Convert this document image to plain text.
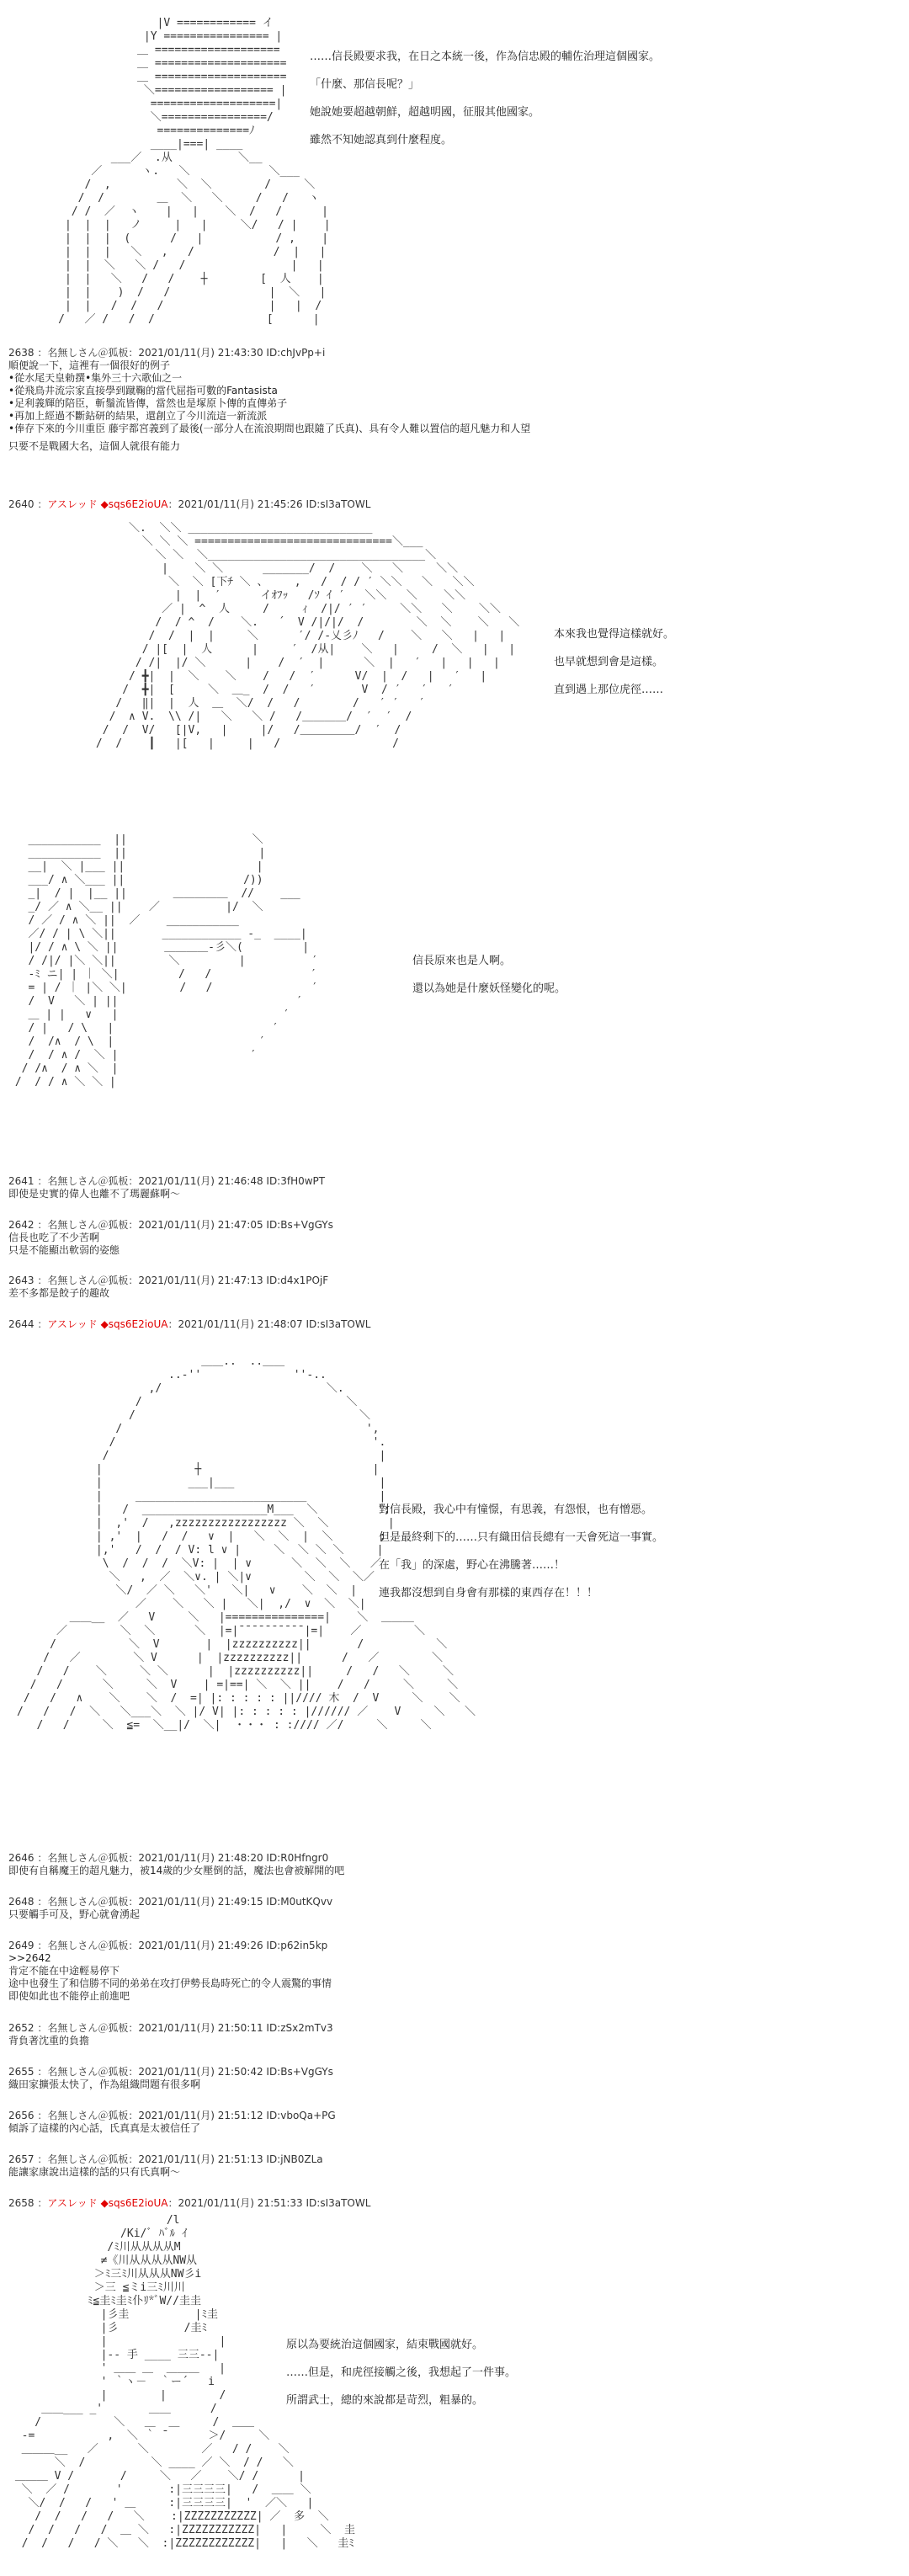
|V ============ イ
|Y ================ |
＿ ===================
＿ ====================
＿ ====================
＼================== |
===================|
＼================/
==============ﾉ
____|===| ____
___／  .从          ＼__
／      ヽ.   ＼            ＼___
/  ,          ＼  ＼        /     ＼
/  /        ＿  ＼   ＼     /   /   ヽ
/ /  ／  ヽ    |   |    ＼  /   /      |
|  |  |   ノ     |   |     ＼/   / |    |
|  |  |  (      /   |           / ,    |
|  |  |   ＼   ,   /            /  |   |
|  |  ＼   ＼ /   /                |   |
|  |   ＼   /   /    ┼        [  人    |
|  |    )  /   /               |  ＼   |
|  |   /  /   /                |   |  /
/   ／ /   /  /                 [      |

……信長殿要求我，在日之本統一後，作為信忠殿的輔佐治理這個國家。

「什麼、那信長呢？」

她說她要超越朝鮮，超越明國，征服其他國家。

雖然不知她認真到什麼程度。

2638 ：名無しさん＠狐板：2021/01/11(月) 21:43:30 ID:chJvPp+i
順便說一下，這裡有一個很好的例子
•從水尾天皇勅撰•集外三十六歌仙之一
•從飛鳥井流宗家直接學到蹴鞠的當代屈指可數的Fantasista
•足利義輝的陪臣，斬鬚流皆傳，當然也是塚原卜傳的直傳弟子
•再加上經過不斷鉆研的結果，還創立了今川流這一新流派
•俸存下來的今川重臣 藤宇都宮義到了最後(一部分人在流浪期間也跟隨了氏真)、具有令人難以置信的超凡魅力和人望
只要不是戰國大名，這個人就很有能力
2640 ：アスレッド ◆sqs6E2ioUA：2021/01/11(月) 21:45:26 ID:sI3aTOWL
＼.  ＼＼ ____________________________
＼ ＼ ＼ ==============================＼___
＼ ＼  ＼_________________________________＼
|    ＼ ＼      _______/  /    ＼   ＼     ＼＼
＼  ＼ [下ﾁ ＼ 、    ,   /  / / ′ ＼＼   ＼   ＼＼
|  |  ′      イｵﾌｯ   /ｿ ｲ ′   ＼＼   ＼    ＼＼
／ |  ^  人     /     ｨ  /|/ ′ ′     ＼＼   ＼    ＼＼
/  / ^  /    ＼.   ´  V /|/|/  /        ＼  ＼    ＼   ＼
/  /  |  |     ＼      ′/ /-乂彡ﾉ   /    ＼   ＼   |   |
/ |[  |  人      |     ′  /从|    ＼   |     /  ＼   |   |
/ /|  |/ ＼      |    /  ′  |      ＼  |   ′   |   |   |
/ ╋|  |  ＼    ＼    /   /  ′      V/  |  /   |   ′   |
/  ╋|  [     ＼  ＿_  /  /   ′       V  / ′   ′   ′
/   ‖|  |  人  ＿  ＼/  /   /        /   ′ ′   ′
/  ∧ V.  \\ /|   ＼   ＼ /   /＿＿＿＿/  ′  ′  /
/  /  V/   [|V,   |     |/   /＿＿＿＿＿/  ′  /
/  /    ┃   |[   |     |   /                 /

本來我也覺得這樣就好。

也早就想到會是這樣。

直到遇上那位虎徑……

___________  ||                   ＼
___________  ||                    |
__|  ＼ |___ ||                    |
___/ ∧ ＼___ ||                  /))
_|  / |  |__ ||       ＿＿＿＿＿  //    ___
_/ ／ ∧ ＼__ ||    ／          |/  ＼
/ ／ / ∧ ＼ ||  ／    ___________
／/ / | \ ＼||       ____________ ‐_  ____|
|/ / ∧ \ ＼ ||       ＿＿＿＿-彡＼(         |
/ /|/ |＼ ＼||        ＼         |          ′
-ﾐ ニ| | ｜ ＼|         /   /               ′
= | / ｜ |＼ ＼|        /   /               ′
/  V   ＼ | ||                           ′
＿ | |   ∨   |                         ′
/ |   / \   |                        ′
/  /∧  / \  |                      ′
/  / ∧ /  ＼ |                    ′
/ /∧  / ∧ ＼  |
/  / / ∧ ＼ ＼ |

信長原來也是人啊。

還以為她是什麼妖怪變化的呢。

2641 ：名無しさん＠狐板：2021/01/11(月) 21:46:48 ID:3fH0wPT
即使是史實的偉人也離不了瑪麗蘇啊～
2642 ：名無しさん＠狐板：2021/01/11(月) 21:47:05 ID:Bs+VgGYs
信長也吃了不少苦啊
只是不能顯出軟弱的姿態
2643 ：名無しさん＠狐板：2021/01/11(月) 21:47:13 ID:d4x1POjF
差不多都是餃子的趣故
2644 ：アスレッド ◆sqs6E2ioUA：2021/01/11(月) 21:48:07 ID:sI3aTOWL
＿＿..  ..＿＿
..‐''              ''‐..
,/                         ＼.
/                               ＼
/                                  ＼
/                                     ',
/                                       '.
/                                         |
|              ┼                          |
|             ___|___                      |
|     __________________________           |
|   /  ___________________M___  ＼         ';
|  ,'  /   ,zzzzzzzzzzzzzzzzz ＼  ＼         |
| ,'  |   /  /   ∨  |   ＼  ＼  |  ＼       ;
|,'   /  /  / V: l ∨ |     ＼  ＼ ＼ ＼     |
\  /  /  /  ＼V: |  | ∨      ＼  ＼  ＼   ／
＼   ,  ／  ＼∨. | ＼|∨        ＼  ＼  ＼／
＼/  ／ ＼   ＼'   ＼|   ∨    ＼  ＼  |
／    ＼   ＼ |   ＼|  ,/  ∨  ＼  ＼|
＿＿__  ／   V     ＼   |===============|    ＼  ＿＿＿
／        ＼  ＼      ＼  |=|¯¯¯¯¯¯¯¯¯¯|=|    ／        ＼
/           ＼  V       |  |zzzzzzzzzz||       /           ＼
/   ／        ＼ V      |  |zzzzzzzzzz||      /   ／        ＼
/   /    ＼     ＼ ＼      |  |zzzzzzzzzz||     /   /   ＼     ＼
/   /      ＼     ＼  V    | =|==| ＼  ＼ ||    /   /     ＼     ＼
/   /   ∧    ＼    ＼  /  =| |: : : : : ||//// 木  /  V     ＼    ＼
/   /   /  ＼   ＼___＼  ＼ |/ V| |: : : : : |////// ／    V     ＼   ＼
/   /     ＼  ≦=  ＼__|/  ＼|  ・・・ : ://// ／/     ＼     ＼

對信長殿，我心中有憧憬，有思義，有怨恨，也有憎惡。

但是最終剩下的……只有織田信長總有一天會死這一事實。

在「我」的深處，野心在沸騰著……！

連我都沒想到自身會有那樣的東西存在！！！

2646 ：名無しさん＠狐板：2021/01/11(月) 21:48:20 ID:R0Hfngr0
即使有自稱魔王的超凡魅力，被14歲的少女壓倒的話，魔法也會被解開的吧
2648 ：名無しさん＠狐板：2021/01/11(月) 21:49:15 ID:M0utKQvv
只要觸手可及，野心就會湧起
2649 ：名無しさん＠狐板：2021/01/11(月) 21:49:26 ID:p62in5kp
>>2642
肯定不能在中途輕易停下
途中也發生了和信勝不同的弟弟在攻打伊勢長島時死亡的令人震驚的事情
即使如此也不能停止前進吧
2652 ：名無しさん＠狐板：2021/01/11(月) 21:50:11 ID:zSx2mTv3
背負著沈重的負擔
2655 ：名無しさん＠狐板：2021/01/11(月) 21:50:42 ID:Bs+VgGYs
織田家擴張太快了，作為組織問題有很多啊
2656 ：名無しさん＠狐板：2021/01/11(月) 21:51:12 ID:vboQa+PG
傾訴了這樣的內心話，氏真真是太被信任了
2657 ：名無しさん＠狐板：2021/01/11(月) 21:51:13 ID:jNB0ZLa
能讓家康說出這樣的話的只有氏真啊～
2658 ：アスレッド ◆sqs6E2ioUA：2021/01/11(月) 21:51:33 ID:sI3aTOWL
/l
/Ki/ﾞ ﾊﾞﾙ ｲ
/ﾐ川从从从从M
≠《川从从从从NW从
＞ﾐ三ﾐ川从从从NW彡i
＞三 ≦ミi三ﾐ川川
ﾐ≦圭ﾐ圭ﾐ仆ﾘ*ﾞW//圭圭
|彡圭          |ﾐ圭
|彡          /圭ﾐ
|                 |
|‐- 手 ____ 三三-‐|
' ＿＿ ＿  ＿＿＿   |
' ｀ヽ－  ｀ー´   i
|        |        /
＿＿___ _'       ＿＿      /
/           ＼   ＿  ＿     /  ＿＿
‐=           ,  ＼ ｀ ¯      ＞/     ＼
＿＿＿__   ／      ＼        ／   / /    ＼
＼  /          ＼ ____ ／ ＼  / /   ＼
＿＿＿ V /       /     ＼   ／    ＼/ /      |
＼  ／ /       '       :|三三三三|   /  ＿＿ ＼
＼/  /   /   ' ＿     :|三三三三|  '  ／＼   |
/  /   /   /   ＼    :|ZZZZZZZZZZZ| ／  多  ＼
/  /   /   /  ＿ ＼   :|ZZZZZZZZZZZ|   |     ＼  圭
/  /   /   / ＼   ＼  :|ZZZZZZZZZZZZ|   |   ＼   圭ﾐ

原以為要統治這個國家，結束戰國就好。

……但是，和虎徑接觸之後，我想起了一件事。

所謂武士，總的來說都是苛烈，粗暴的。
